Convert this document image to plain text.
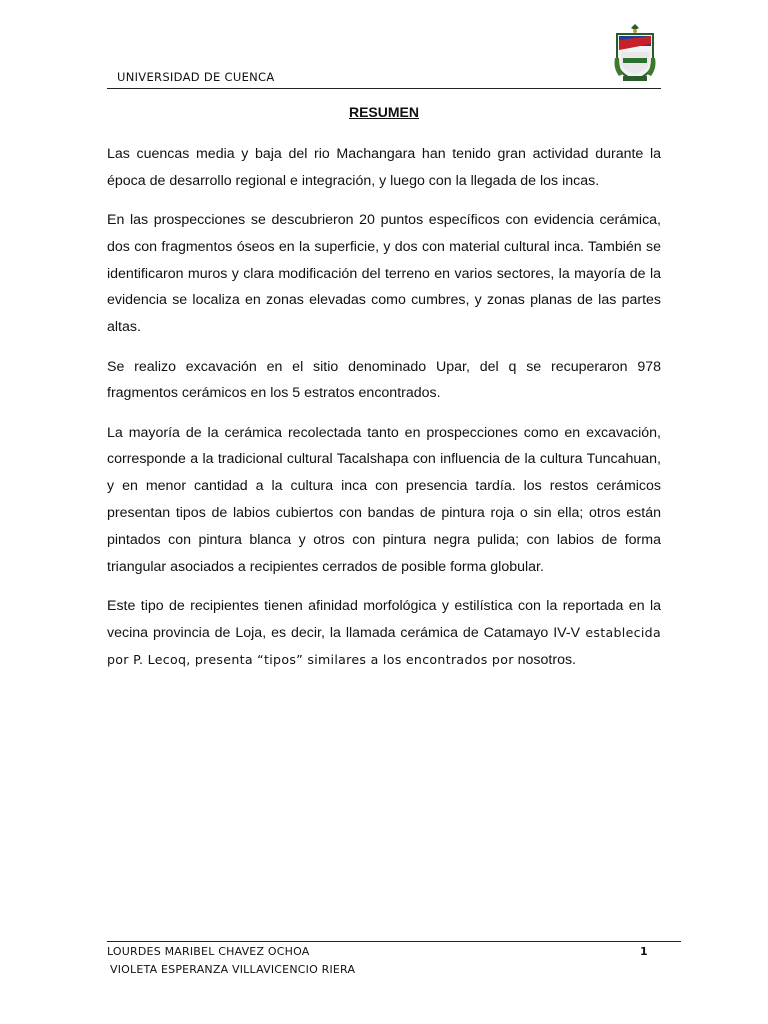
UNIVERSIDAD DE CUENCA
RESUMEN

Las cuencas media y baja del rio Machangara han tenido gran actividad durante la época de desarrollo regional e integración, y luego con la llegada de los incas.

En las prospecciones se descubrieron 20 puntos específicos con evidencia cerámica, dos con fragmentos óseos en la superficie, y dos con material cultural inca. También se identificaron muros y clara modificación del terreno en varios sectores, la mayoría de la evidencia se localiza en zonas elevadas como cumbres, y zonas planas de las partes altas.

Se realizo excavación en el sitio denominado Upar, del q se recuperaron 978 fragmentos cerámicos en los 5 estratos encontrados.

La mayoría de la cerámica recolectada tanto en prospecciones como en excavación, corresponde a la tradicional cultural Tacalshapa con influencia de la cultura Tuncahuan, y en menor cantidad a la cultura inca con presencia tardía. los restos cerámicos presentan tipos de labios cubiertos con bandas de pintura roja o sin ella; otros están pintados con pintura blanca y otros con pintura negra pulida; con labios de forma triangular asociados a recipientes cerrados de posible forma globular.

Este tipo de recipientes tienen afinidad morfológica y estilística con la reportada en la vecina provincia de Loja, es decir, la llamada cerámica de Catamayo IV-V establecida por P. Lecoq, presenta “tipos” similares a los encontrados por nosotros.

LOURDES MARIBEL CHAVEZ OCHOA	1
VIOLETA ESPERANZA VILLAVICENCIO RIERA
